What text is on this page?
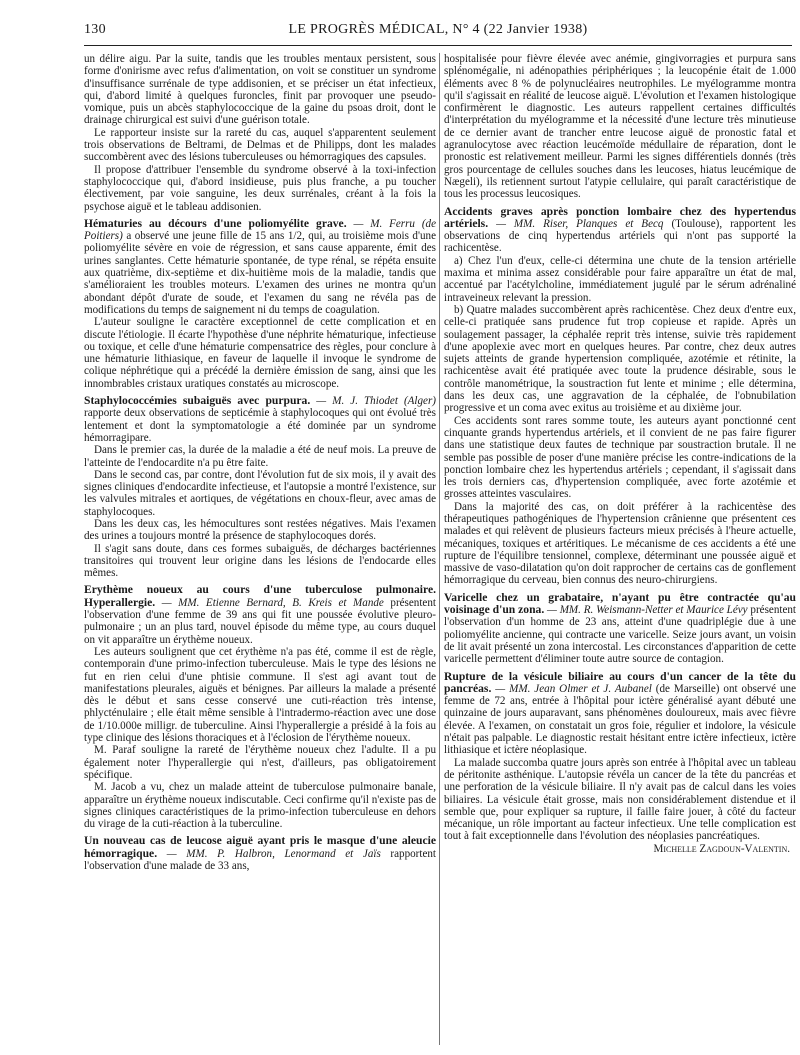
130	LE PROGRÈS MÉDICAL, N° 4 (22 Janvier 1938)

un délire aigu. Par la suite, tandis que les troubles mentaux persistent, sous forme d'onirisme avec refus d'alimentation, on voit se constituer un syndrome d'insuffisance surrénale de type addisonien, et se préciser un état infectieux, qui, d'abord limité à quelques furoncles, finit par provoquer une pseudo-vomique, puis un abcès staphylococcique de la gaine du psoas droit, dont le drainage chirurgical est suivi d'une guérison totale.

Le rapporteur insiste sur la rareté du cas, auquel s'apparentent seulement trois observations de Beltrami, de Delmas et de Philipps, dont les malades succombèrent avec des lésions tuberculeuses ou hémorragiques des capsules.

Il propose d'attribuer l'ensemble du syndrome observé à la toxi-infection staphylococcique qui, d'abord insidieuse, puis plus franche, a pu toucher électivement, par voie sanguine, les deux surrénales, créant à la fois la psychose aiguë et le tableau addisonien.

Hématuries au décours d'une poliomyélite grave. — M. Ferru (de Poitiers) a observé une jeune fille de 15 ans 1/2, qui, au troisième mois d'une poliomyélite sévère en voie de régression, et sans cause apparente, émit des urines sanglantes. Cette hématurie spontanée, de type rénal, se répéta ensuite aux quatrième, dix-septième et dix-huitième mois de la maladie, tandis que s'amélioraient les troubles moteurs. L'examen des urines ne montra qu'un abondant dépôt d'urate de soude, et l'examen du sang ne révéla pas de modifications du temps de saignement ni du temps de coagulation.

L'auteur souligne le caractère exceptionnel de cette complication et en discute l'étiologie. Il écarte l'hypothèse d'une néphrite hématurique, infectieuse ou toxique, et celle d'une hématurie compensatrice des règles, pour conclure à une hématurie lithiasique, en faveur de laquelle il invoque le syndrome de colique néphrétique qui a précédé la dernière émission de sang, ainsi que les innombrables cristaux uratiques constatés au microscope.

Staphylococcémies subaiguës avec purpura. — M. J. Thiodet (Alger) rapporte deux observations de septicémie à staphylocoques qui ont évolué très lentement et dont la symptomatologie a été dominée par un syndrome hémorragipare.

Dans le premier cas, la durée de la maladie a été de neuf mois. La preuve de l'atteinte de l'endocardite n'a pu être faite.

Dans le second cas, par contre, dont l'évolution fut de six mois, il y avait des signes cliniques d'endocardite infectieuse, et l'autopsie a montré l'existence, sur les valvules mitrales et aortiques, de végétations en choux-fleur, avec amas de staphylocoques.

Dans les deux cas, les hémocultures sont restées négatives. Mais l'examen des urines a toujours montré la présence de staphylocoques dorés.

Il s'agit sans doute, dans ces formes subaiguës, de décharges bactériennes transitoires qui trouvent leur origine dans les lésions de l'endocarde elles mêmes.

Erythème noueux au cours d'une tuberculose pulmonaire. Hyperallergie. — MM. Etienne Bernard, B. Kreis et Mande présentent l'observation d'une femme de 39 ans qui fit une poussée évolutive pleuro-pulmonaire ; un an plus tard, nouvel épisode du même type, au cours duquel on vit apparaître un érythème noueux.

Les auteurs soulignent que cet érythème n'a pas été, comme il est de règle, contemporain d'une primo-infection tuberculeuse. Mais le type des lésions ne fut en rien celui d'une phtisie commune. Il s'est agi avant tout de manifestations pleurales, aiguës et bénignes. Par ailleurs la malade a présenté dès le début et sans cesse conservé une cuti-réaction très intense, phlycténulaire ; elle était même sensible à l'intradermo-réaction avec une dose de 1/10.000e milligr. de tuberculine. Ainsi l'hyperallergie a présidé à la fois au type clinique des lésions thoraciques et à l'éclosion de l'érythème noueux.

M. Paraf souligne la rareté de l'érythème noueux chez l'adulte. Il a pu également noter l'hyperallergie qui n'est, d'ailleurs, pas obligatoirement spécifique.

M. Jacob a vu, chez un malade atteint de tuberculose pulmonaire banale, apparaître un érythème noueux indiscutable. Ceci confirme qu'il n'existe pas de signes cliniques caractéristiques de la primo-infection tuberculeuse en dehors du virage de la cuti-réaction à la tuberculine.

Un nouveau cas de leucose aiguë ayant pris le masque d'une aleucie hémorragique. — MM. P. Halbron, Lenormand et Jaïs rapportent l'observation d'une malade de 33 ans,

hospitalisée pour fièvre élevée avec anémie, gingivorragies et purpura sans splénomégalie, ni adénopathies périphériques ; la leucopénie était de 1.000 éléments avec 8 % de polynucléaires neutrophiles. Le myélogramme montra qu'il s'agissait en réalité de leucose aiguë. L'évolution et l'examen histologique confirmèrent le diagnostic. Les auteurs rappellent certaines difficultés d'interprétation du myélogramme et la nécessité d'une lecture très minutieuse de ce dernier avant de trancher entre leucose aiguë de pronostic fatal et agranulocytose avec réaction leucémoïde médullaire de réparation, dont le pronostic est relativement meilleur. Parmi les signes différentiels donnés (très gros pourcentage de cellules souches dans les leucoses, hiatus leucémique de Nægeli), ils retiennent surtout l'atypie cellulaire, qui paraît caractéristique de tous les processus leucosiques.

Accidents graves après ponction lombaire chez des hypertendus artériels. — MM. Riser, Planques et Becq (Toulouse), rapportent les observations de cinq hypertendus artériels qui n'ont pas supporté la rachicentèse.

a) Chez l'un d'eux, celle-ci détermina une chute de la tension artérielle maxima et minima assez considérable pour faire apparaître un état de mal, accentué par l'acétylcholine, immédiatement jugulé par le sérum adrénaliné intraveineux relevant la pression.

b) Quatre malades succombèrent après rachicentèse. Chez deux d'entre eux, celle-ci pratiquée sans prudence fut trop copieuse et rapide. Après un soulagement passager, la céphalée reprit très intense, suivie très rapidement d'une apoplexie avec mort en quelques heures. Par contre, chez deux autres sujets atteints de grande hypertension compliquée, azotémie et rétinite, la rachicentèse avait été pratiquée avec toute la prudence désirable, sous le contrôle manométrique, la soustraction fut lente et minime ; elle détermina, dans les deux cas, une aggravation de la céphalée, de l'obnubilation progressive et un coma avec exitus au troisième et au dixième jour.

Ces accidents sont rares somme toute, les auteurs ayant ponctionné cent cinquante grands hypertendus artériels, et il convient de ne pas faire figurer dans une statistique deux fautes de technique par soustraction brutale. Il ne semble pas possible de poser d'une manière précise les contre-indications de la ponction lombaire chez les hypertendus artériels ; cependant, il s'agissait dans les trois derniers cas, d'hypertension compliquée, avec forte azotémie et grosses atteintes vasculaires.

Dans la majorité des cas, on doit préférer à la rachicentèse des thérapeutiques pathogéniques de l'hypertension crânienne que présentent ces malades et qui relèvent de plusieurs facteurs mieux précisés à l'heure actuelle, mécaniques, toxiques et artéritiques. Le mécanisme de ces accidents a été une rupture de l'équilibre tensionnel, complexe, déterminant une poussée aiguë et massive de vaso-dilatation qu'on doit rapprocher de certains cas de gonflement hémorragique du cerveau, bien connus des neuro-chirurgiens.

Varicelle chez un grabataire, n'ayant pu être contractée qu'au voisinage d'un zona. — MM. R. Weismann-Netter et Maurice Lévy présentent l'observation d'un homme de 23 ans, atteint d'une quadriplégie due à une poliomyélite ancienne, qui contracte une varicelle. Seize jours avant, un voisin de lit avait présenté un zona intercostal. Les circonstances d'apparition de cette varicelle permettent d'éliminer toute autre source de contagion.

Rupture de la vésicule biliaire au cours d'un cancer de la tête du pancréas. — MM. Jean Olmer et J. Aubanel (de Marseille) ont observé une femme de 72 ans, entrée à l'hôpital pour ictère généralisé ayant débuté une quinzaine de jours auparavant, sans phénomènes douloureux, mais avec fièvre élevée. A l'examen, on constatait un gros foie, régulier et indolore, la vésicule n'était pas palpable. Le diagnostic restait hésitant entre ictère infectieux, ictère lithiasique et ictère néoplasique.

La malade succomba quatre jours après son entrée à l'hôpital avec un tableau de péritonite asthénique. L'autopsie révéla un cancer de la tête du pancréas et une perforation de la vésicule biliaire. Il n'y avait pas de calcul dans les voies biliaires. La vésicule était grosse, mais non considérablement distendue et il semble que, pour expliquer sa rupture, il faille faire jouer, à côté du facteur mécanique, un rôle important au facteur infectieux. Une telle complication est tout à fait exceptionnelle dans l'évolution des néoplasies pancréatiques.

Michelle Zagdoun-Valentin.
